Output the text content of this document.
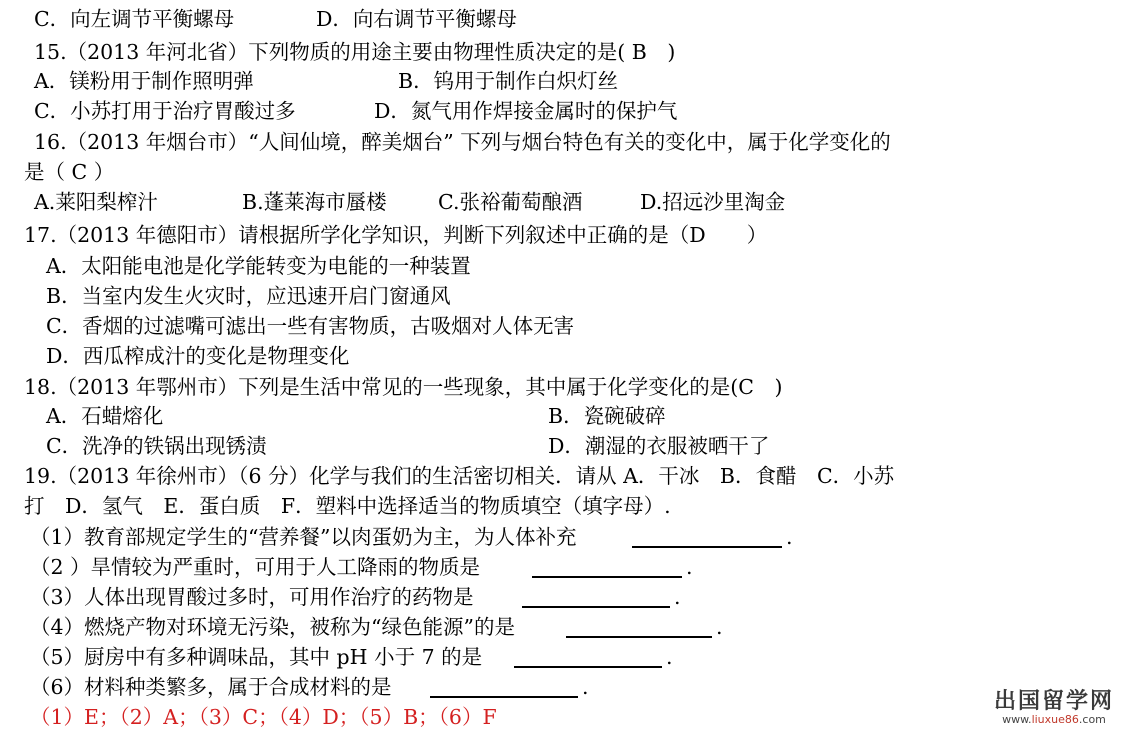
C．向左调节平衡螺母	D．向右调节平衡螺母
15.（2013 年河北省）下列物质的用途主要由物理性质决定的是( B　)
A．镁粉用于制作照明弹	B．钨用于制作白炽灯丝
C．小苏打用于治疗胃酸过多	D．氮气用作焊接金属时的保护气
16.（2013 年烟台市）“人间仙境，醉美烟台” 下列与烟台特色有关的变化中，属于化学变化的
是（ C ）
A.莱阳梨榨汁	B.蓬莱海市蜃楼	C.张裕葡萄酿酒	D.招远沙里淘金
17.（2013 年德阳市）请根据所学化学知识，判断下列叙述中正确的是（D　　）
A．太阳能电池是化学能转变为电能的一种装置
B．当室内发生火灾时，应迅速开启门窗通风
C．香烟的过滤嘴可滤出一些有害物质，古吸烟对人体无害
D．西瓜榨成汁的变化是物理变化
18.（2013 年鄂州市）下列是生活中常见的一些现象，其中属于化学变化的是(C　)
A．石蜡熔化	B．瓷碗破碎
C．洗净的铁锅出现锈渍	D．潮湿的衣服被晒干了
19.（2013 年徐州市）（6 分）化学与我们的生活密切相关．请从 A．干冰　B．食醋　C．小苏
打　D．氢气　E．蛋白质　F．塑料中选择适当的物质填空（填字母）.
（1）教育部规定学生的“营养餐”以肉蛋奶为主，为人体补充	.
（2 ）旱情较为严重时，可用于人工降雨的物质是	.
（3）人体出现胃酸过多时，可用作治疗的药物是	.
（4）燃烧产物对环境无污染，被称为“绿色能源”的是	.
（5）厨房中有多种调味品，其中 pH 小于 7 的是	.
（6）材料种类繁多，属于合成材料的是	.
（1）E；（2）A；（3）C；（4）D；（5）B；（6）F
出国留学网
www.liuxue86.com
